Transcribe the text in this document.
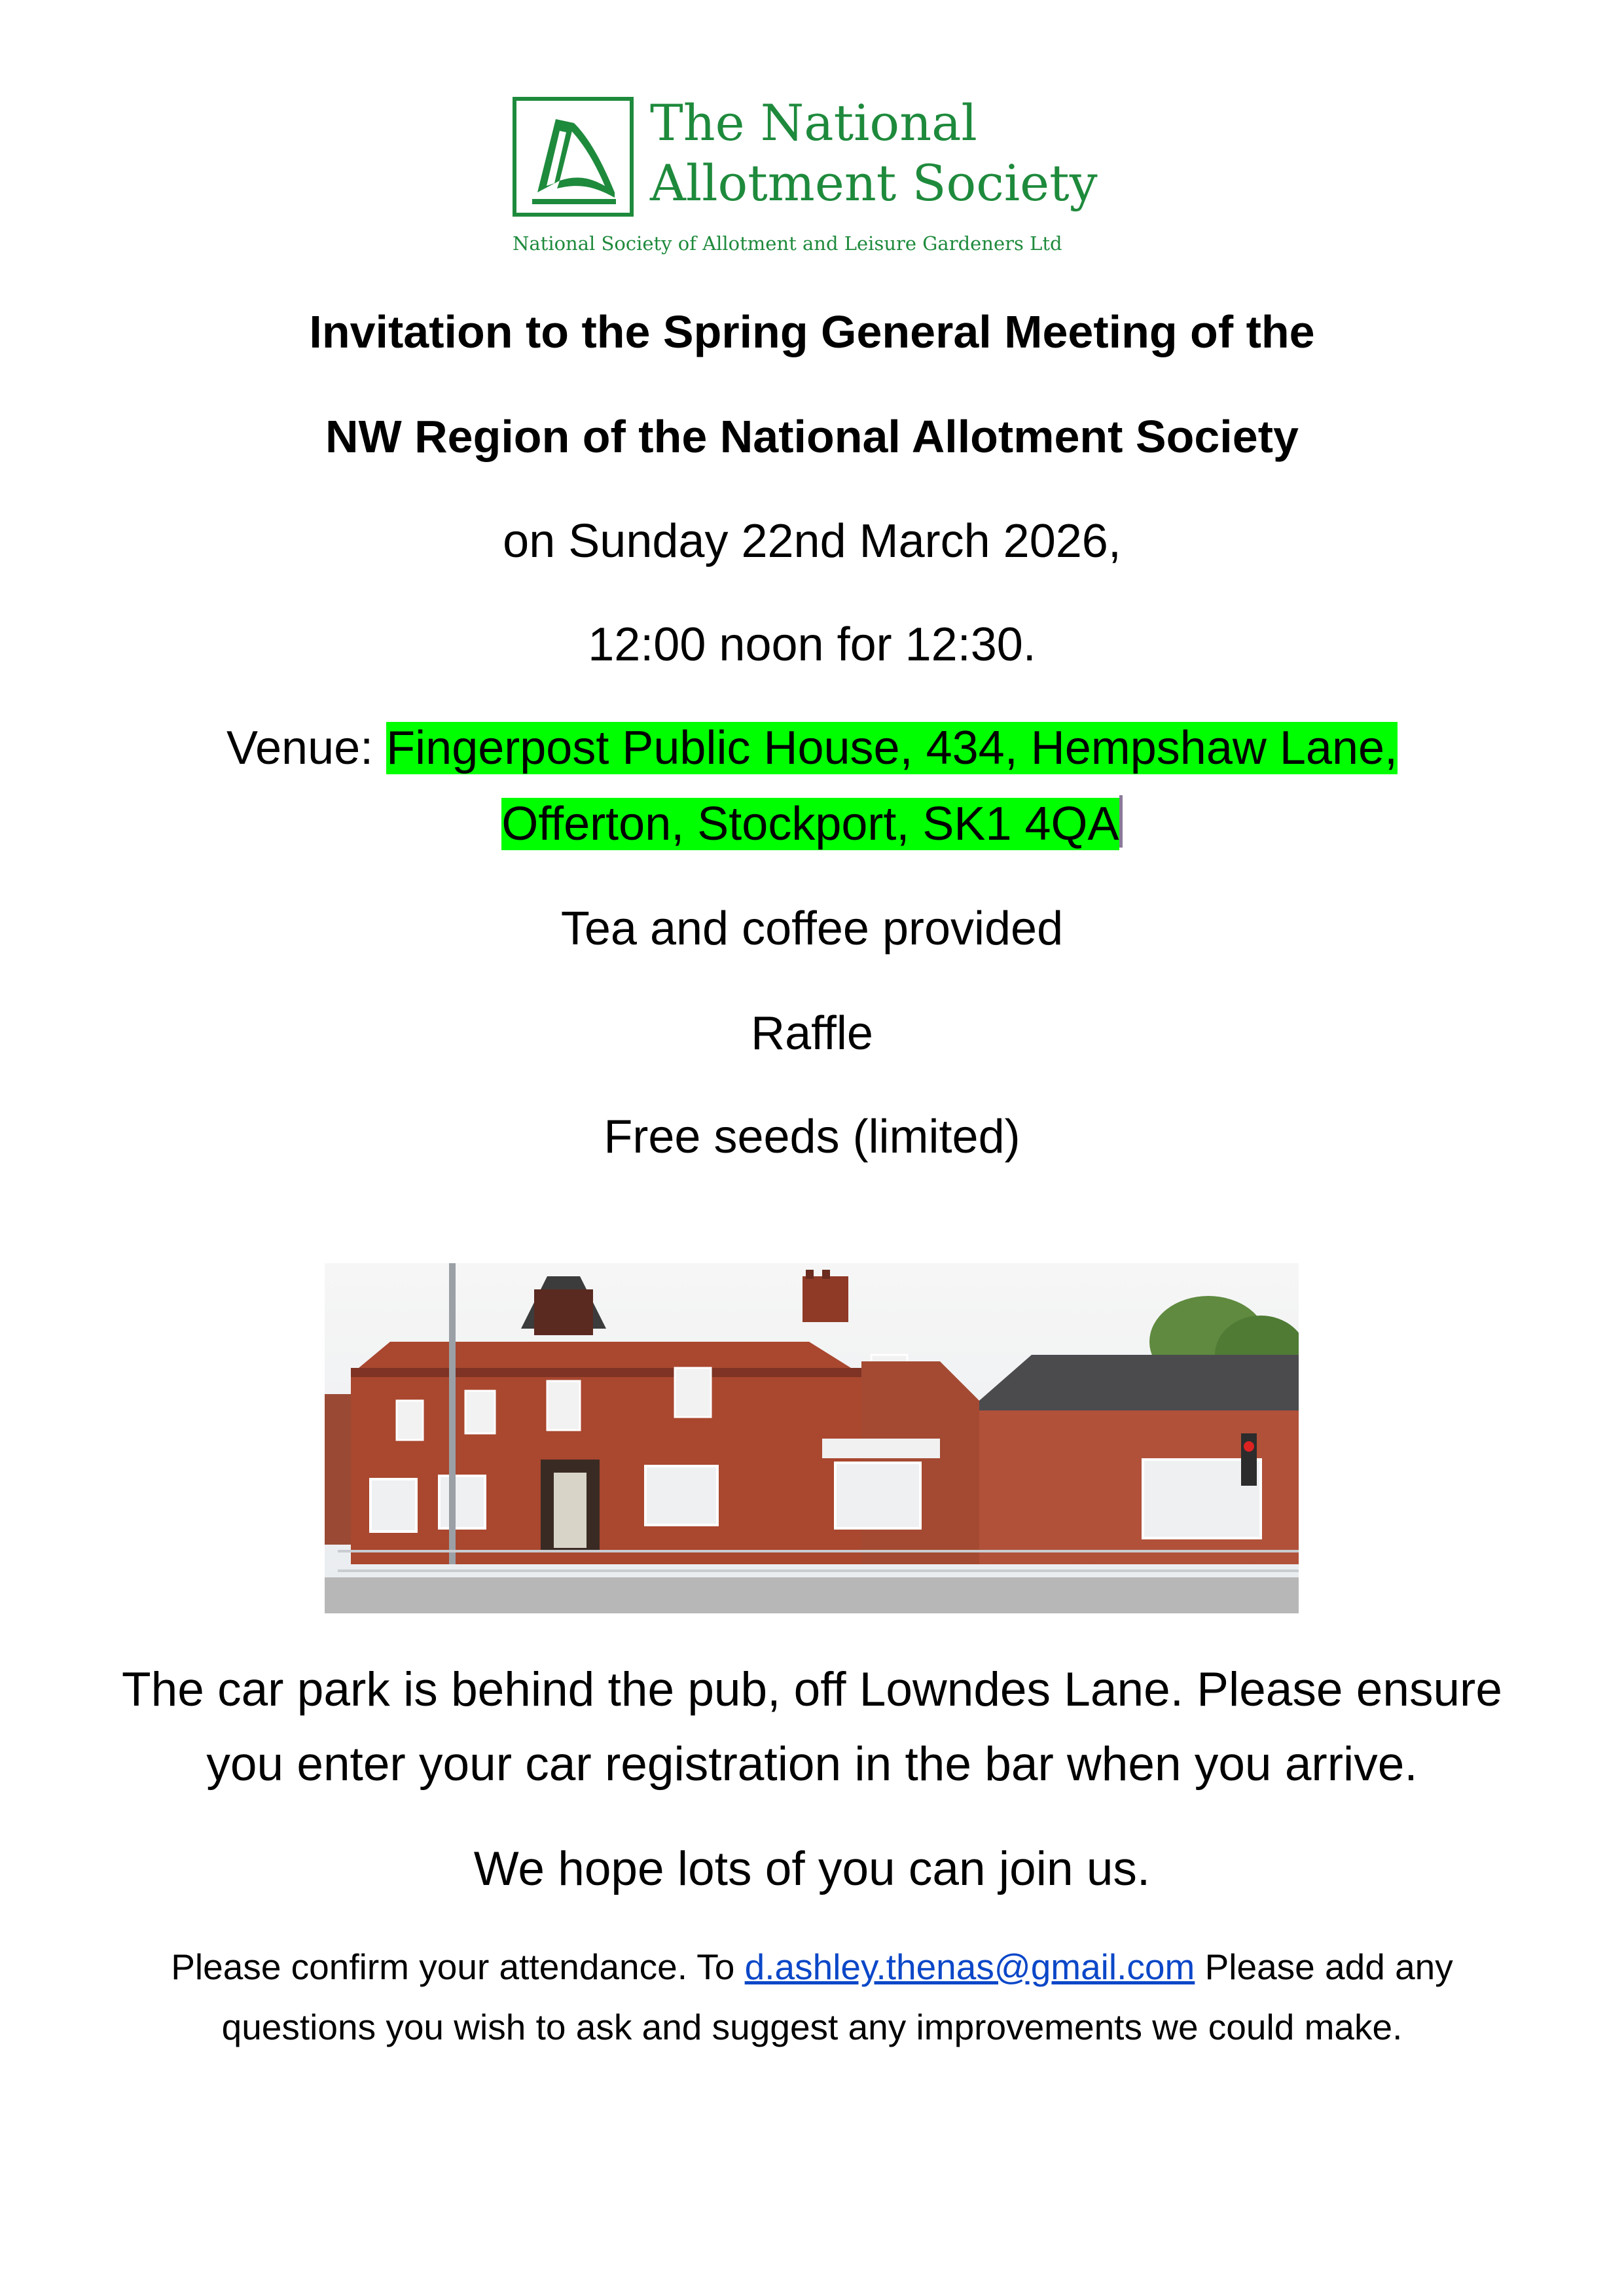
The National
Allotment Society
National Society of Allotment and Leisure Gardeners Ltd
Invitation to the Spring General Meeting of the
NW Region of the National Allotment Society
on Sunday 22nd March 2026,
12:00 noon for 12:30.
Venue: Fingerpost Public House, 434, Hempshaw Lane,
Offerton, Stockport, SK1 4QA
Tea and coffee provided
Raffle
Free seeds (limited)
The car park is behind the pub, off Lowndes Lane. Please ensure
you enter your car registration in the bar when you arrive.
We hope lots of you can join us.
Please confirm your attendance. To d.ashley.thenas@gmail.com Please add any
questions you wish to ask and suggest any improvements we could make.
